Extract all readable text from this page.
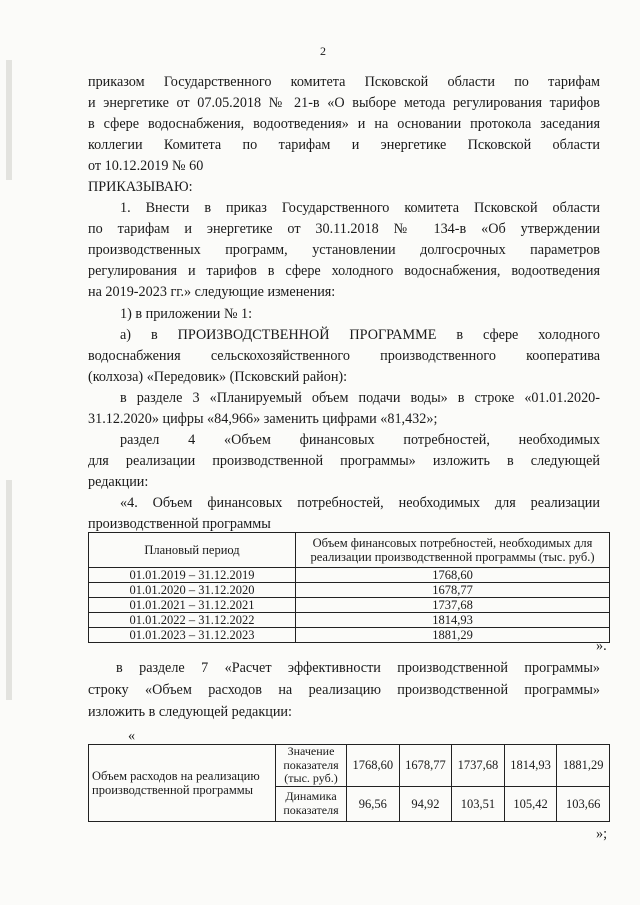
2
приказом Государственного комитета Псковской области по тарифам
и энергетике от 07.05.2018 № 21-в «О выборе метода регулирования тарифов
в сфере водоснабжения, водоотведения» и на основании протокола заседания
коллегии Комитета по тарифам и энергетике Псковской области
от 10.12.2019 № 60
ПРИКАЗЫВАЮ:
1. Внести в приказ Государственного комитета Псковской области
по тарифам и энергетике от 30.11.2018 № 134-в «Об утверждении
производственных программ, установлении долгосрочных параметров
регулирования и тарифов в сфере холодного водоснабжения, водоотведения
на 2019-2023 гг.» следующие изменения:
1) в приложении № 1:
а) в ПРОИЗВОДСТВЕННОЙ ПРОГРАММЕ в сфере холодного
водоснабжения сельскохозяйственного производственного кооператива
(колхоза) «Передовик» (Псковский район):
в разделе 3 «Планируемый объем подачи воды» в строке «01.01.2020-
31.12.2020» цифры «84,966» заменить цифрами «81,432»;
раздел 4 «Объем финансовых потребностей, необходимых
для реализации производственной программы» изложить в следующей
редакции:
«4. Объем финансовых потребностей, необходимых для реализации
производственной программы
Плановый период	Объем финансовых потребностей, необходимых для реализации производственной программы (тыс. руб.)
01.01.2019 – 31.12.2019	1768,60
01.01.2020 – 31.12.2020	1678,77
01.01.2021 – 31.12.2021	1737,68
01.01.2022 – 31.12.2022	1814,93
01.01.2023 – 31.12.2023	1881,29
».
в разделе 7 «Расчет эффективности производственной программы»
строку «Объем расходов на реализацию производственной программы»
изложить в следующей редакции:
«
Объем расходов на реализацию производственной программы	Значение показателя (тыс. руб.)	1768,60	1678,77	1737,68	1814,93	1881,29
	Динамика показателя	96,56	94,92	103,51	105,42	103,66
»;
